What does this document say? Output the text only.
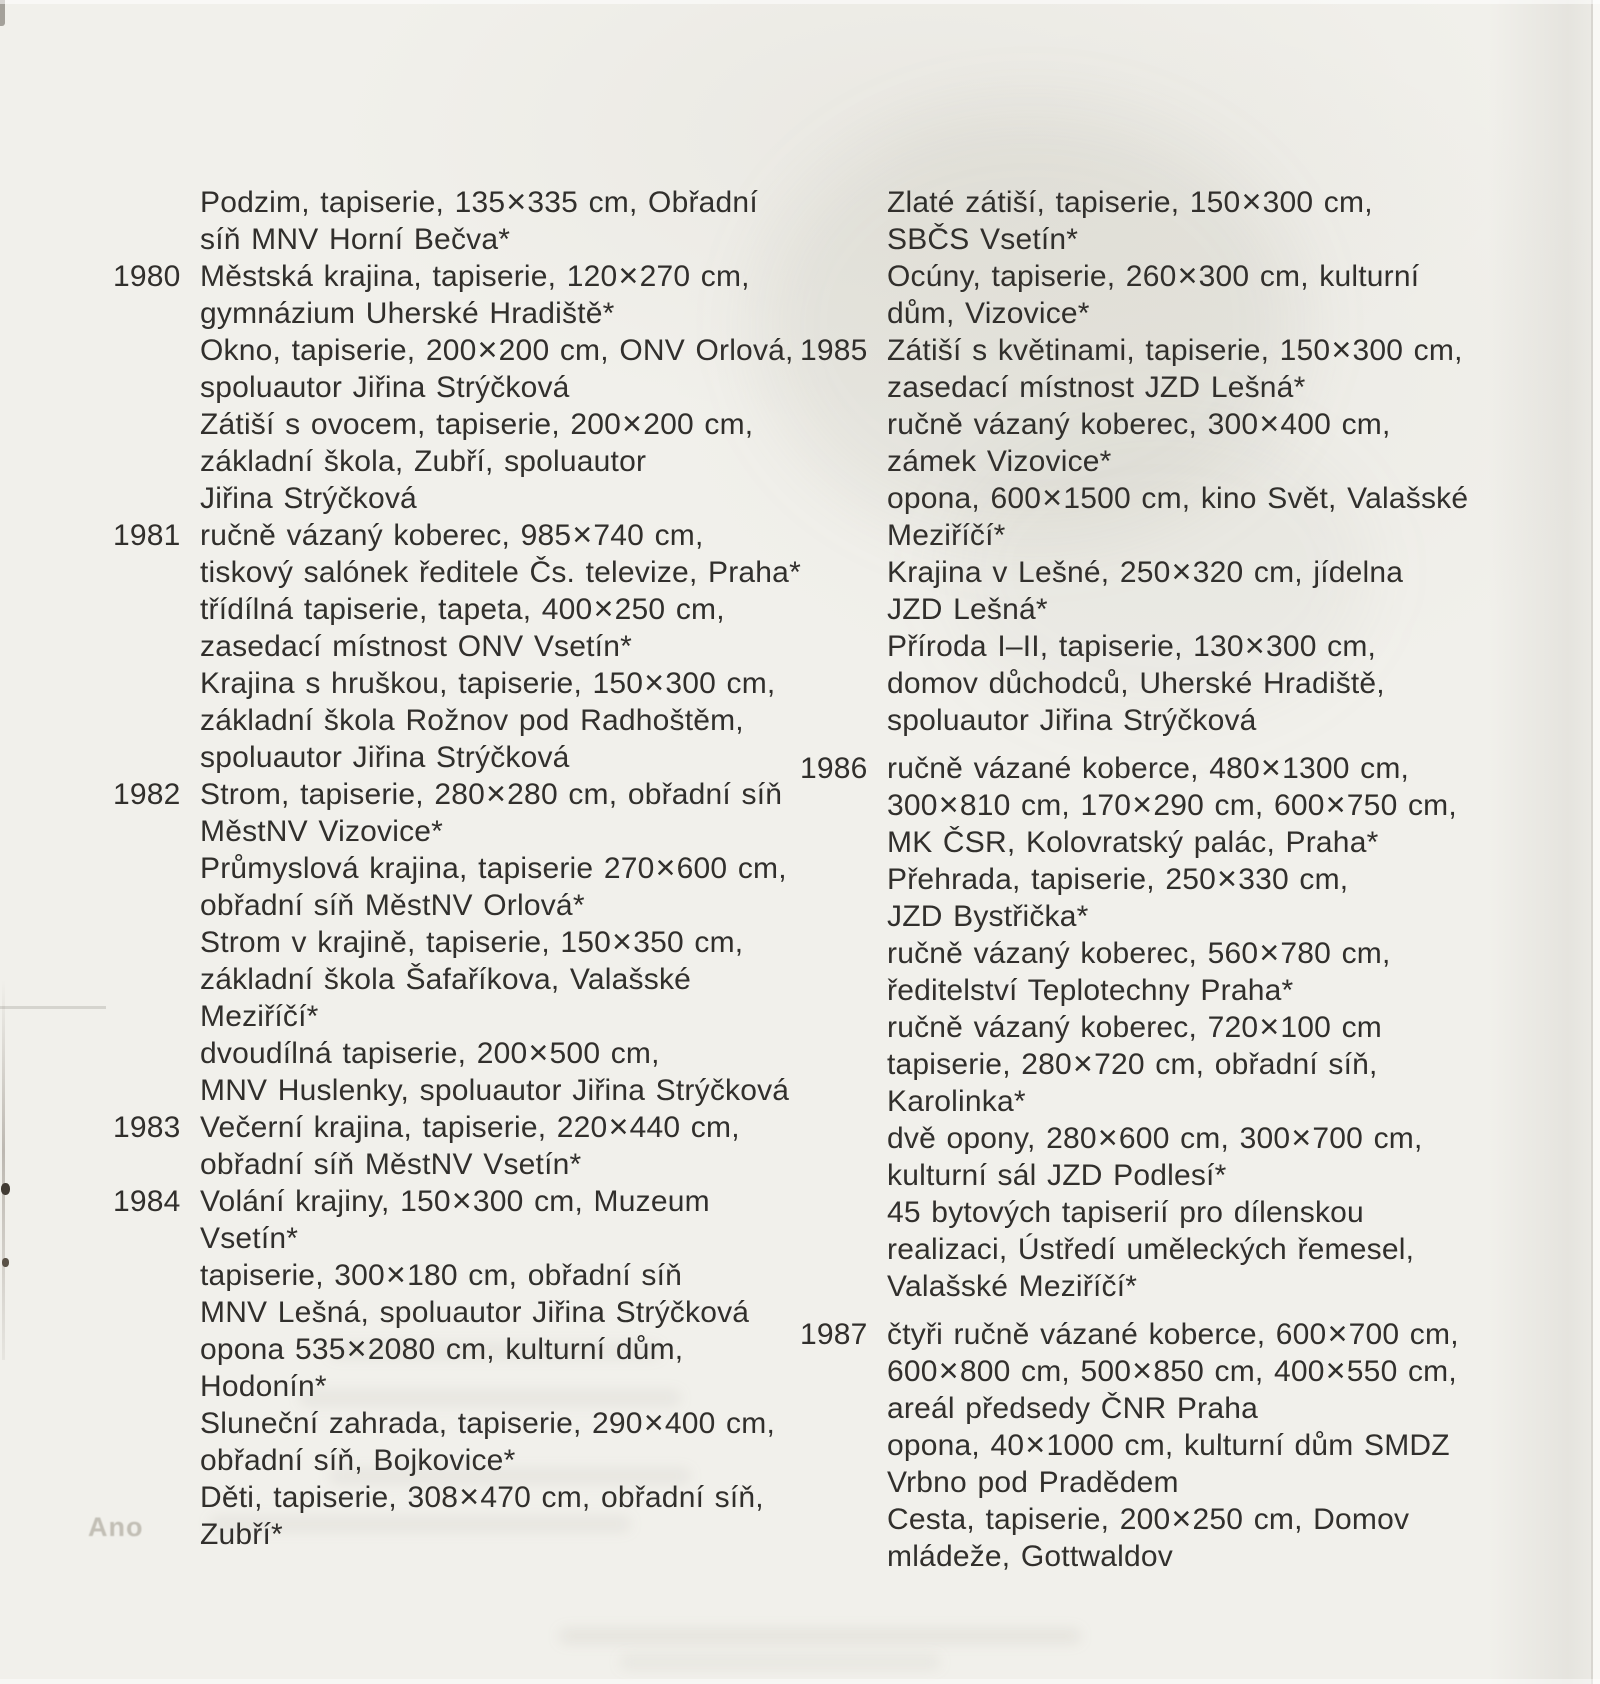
Ano
Podzim, tapiserie, 135×335 cm, Obřadní
síň MNV Horní Bečva*
1980 Městská krajina, tapiserie, 120×270 cm,
gymnázium Uherské Hradiště*
Okno, tapiserie, 200×200 cm, ONV Orlová,
spoluautor Jiřina Strýčková
Zátiší s ovocem, tapiserie, 200×200 cm,
základní škola, Zubří, spoluautor
Jiřina Strýčková
1981 ručně vázaný koberec, 985×740 cm,
tiskový salónek ředitele Čs. televize, Praha*
třídílná tapiserie, tapeta, 400×250 cm,
zasedací místnost ONV Vsetín*
Krajina s hruškou, tapiserie, 150×300 cm,
základní škola Rožnov pod Radhoštěm,
spoluautor Jiřina Strýčková
1982 Strom, tapiserie, 280×280 cm, obřadní síň
MěstNV Vizovice*
Průmyslová krajina, tapiserie 270×600 cm,
obřadní síň MěstNV Orlová*
Strom v krajině, tapiserie, 150×350 cm,
základní škola Šafaříkova, Valašské
Meziříčí*
dvoudílná tapiserie, 200×500 cm,
MNV Huslenky, spoluautor Jiřina Strýčková
1983 Večerní krajina, tapiserie, 220×440 cm,
obřadní síň MěstNV Vsetín*
1984 Volání krajiny, 150×300 cm, Muzeum
Vsetín*
tapiserie, 300×180 cm, obřadní síň
MNV Lešná, spoluautor Jiřina Strýčková
opona 535×2080 cm, kulturní dům,
Hodonín*
Sluneční zahrada, tapiserie, 290×400 cm,
obřadní síň, Bojkovice*
Děti, tapiserie, 308×470 cm, obřadní síň,
Zubří*
Zlaté zátiší, tapiserie, 150×300 cm,
SBČS Vsetín*
Ocúny, tapiserie, 260×300 cm, kulturní
dům, Vizovice*
1985 Zátiší s květinami, tapiserie, 150×300 cm,
zasedací místnost JZD Lešná*
ručně vázaný koberec, 300×400 cm,
zámek Vizovice*
opona, 600×1500 cm, kino Svět, Valašské
Meziříčí*
Krajina v Lešné, 250×320 cm, jídelna
JZD Lešná*
Příroda I–II, tapiserie, 130×300 cm,
domov důchodců, Uherské Hradiště,
spoluautor Jiřina Strýčková
1986 ručně vázané koberce, 480×1300 cm,
300×810 cm, 170×290 cm, 600×750 cm,
MK ČSR, Kolovratský palác, Praha*
Přehrada, tapiserie, 250×330 cm,
JZD Bystřička*
ručně vázaný koberec, 560×780 cm,
ředitelství Teplotechny Praha*
ručně vázaný koberec, 720×100 cm
tapiserie, 280×720 cm, obřadní síň,
Karolinka*
dvě opony, 280×600 cm, 300×700 cm,
kulturní sál JZD Podlesí*
45 bytových tapiserií pro dílenskou
realizaci, Ústředí uměleckých řemesel,
Valašské Meziříčí*
1987 čtyři ručně vázané koberce, 600×700 cm,
600×800 cm, 500×850 cm, 400×550 cm,
areál předsedy ČNR Praha
opona, 40×1000 cm, kulturní dům SMDZ
Vrbno pod Pradědem
Cesta, tapiserie, 200×250 cm, Domov
mládeže, Gottwaldov
